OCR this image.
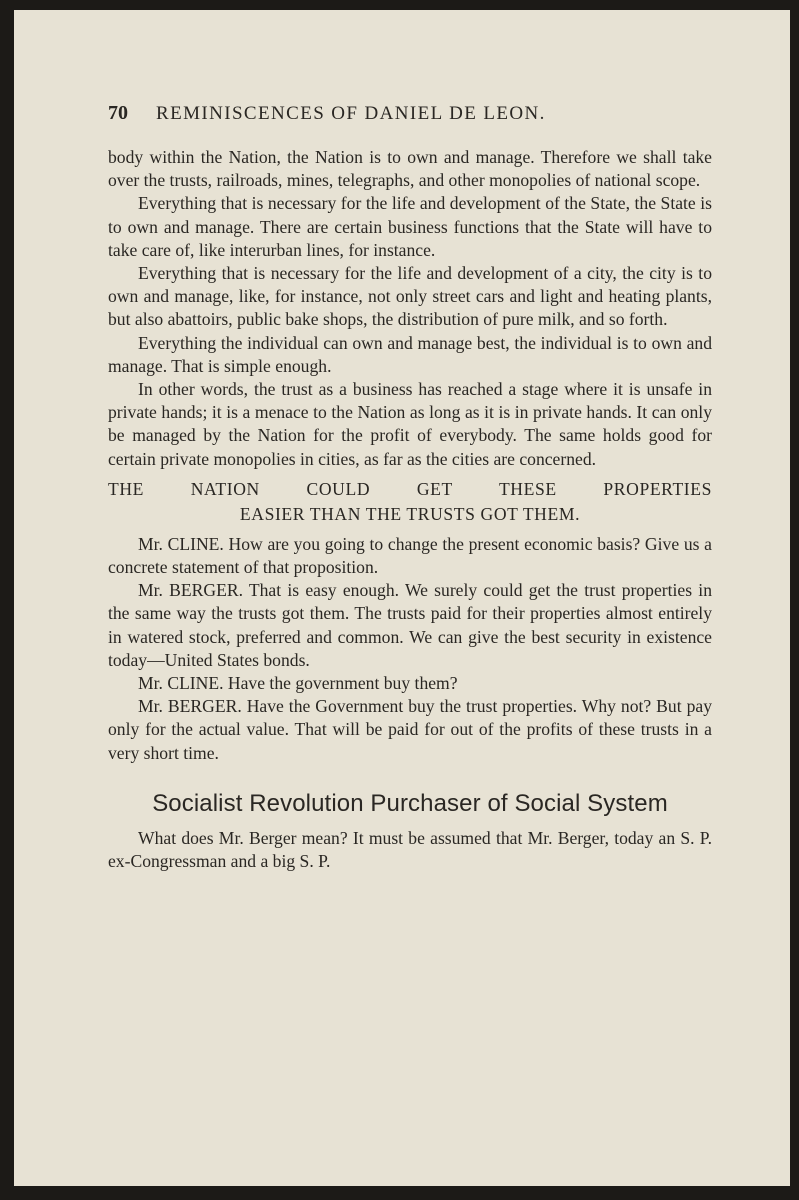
70 REMINISCENCES OF DANIEL DE LEON.

body within the Nation, the Nation is to own and manage. Therefore we shall take over the trusts, railroads, mines, telegraphs, and other monopolies of national scope.

Everything that is necessary for the life and development of the State, the State is to own and manage. There are certain business functions that the State will have to take care of, like interurban lines, for instance.

Everything that is necessary for the life and development of a city, the city is to own and manage, like, for instance, not only street cars and light and heating plants, but also abattoirs, public bake shops, the distribution of pure milk, and so forth.

Everything the individual can own and manage best, the individual is to own and manage. That is simple enough.

In other words, the trust as a business has reached a stage where it is unsafe in private hands; it is a menace to the Nation as long as it is in private hands. It can only be managed by the Nation for the profit of everybody. The same holds good for certain private monopolies in cities, as far as the cities are concerned.

THE NATION COULD GET THESE PROPERTIES
EASIER THAN THE TRUSTS GOT THEM.

Mr. CLINE. How are you going to change the present economic basis? Give us a concrete statement of that proposition.

Mr. BERGER. That is easy enough. We surely could get the trust properties in the same way the trusts got them. The trusts paid for their properties almost entirely in watered stock, preferred and common. We can give the best security in existence today—United States bonds.

Mr. CLINE. Have the government buy them?

Mr. BERGER. Have the Government buy the trust properties. Why not? But pay only for the actual value. That will be paid for out of the profits of these trusts in a very short time.

Socialist Revolution Purchaser of Social System

What does Mr. Berger mean? It must be assumed that Mr. Berger, today an S. P. ex-Congressman and a big S. P.
